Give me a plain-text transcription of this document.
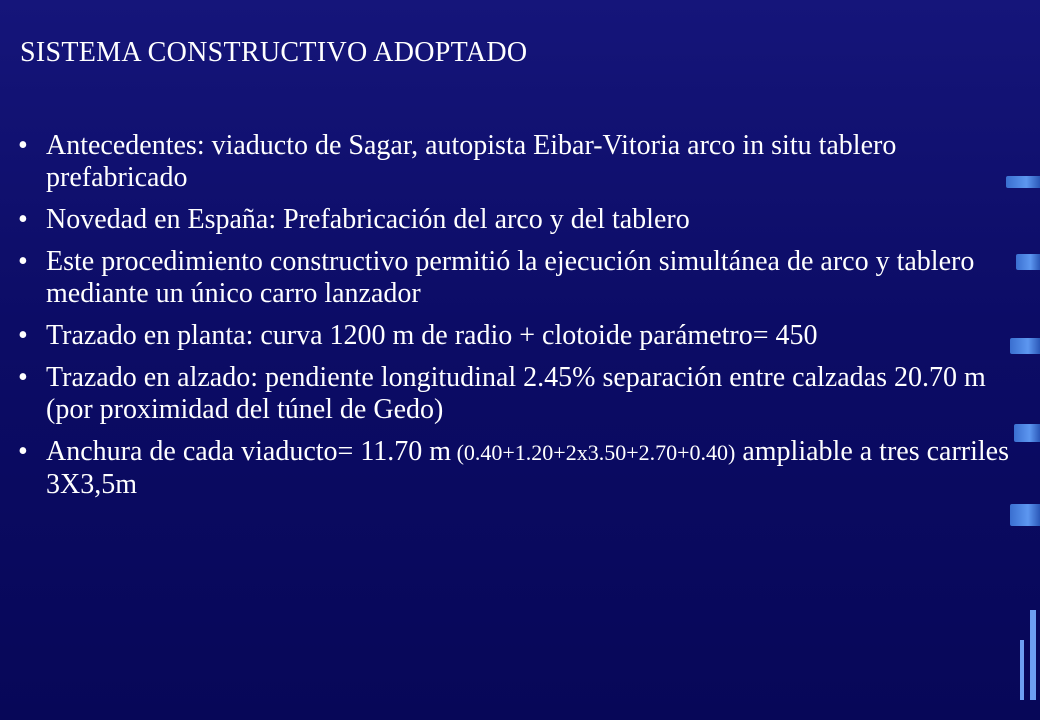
SISTEMA CONSTRUCTIVO ADOPTADO
• Antecedentes: viaducto de Sagar, autopista Eibar-Vitoria arco in situ tablero prefabricado
• Novedad en España: Prefabricación del arco y del tablero
• Este procedimiento constructivo permitió la ejecución simultánea de arco y tablero mediante un único carro lanzador
• Trazado en planta: curva 1200 m de radio + clotoide parámetro= 450
• Trazado en alzado: pendiente longitudinal 2.45% separación entre calzadas 20.70 m (por proximidad del túnel de Gedo)
• Anchura de cada viaducto= 11.70 m (0.40+1.20+2x3.50+2.70+0.40) ampliable a tres carriles 3X3,5m
